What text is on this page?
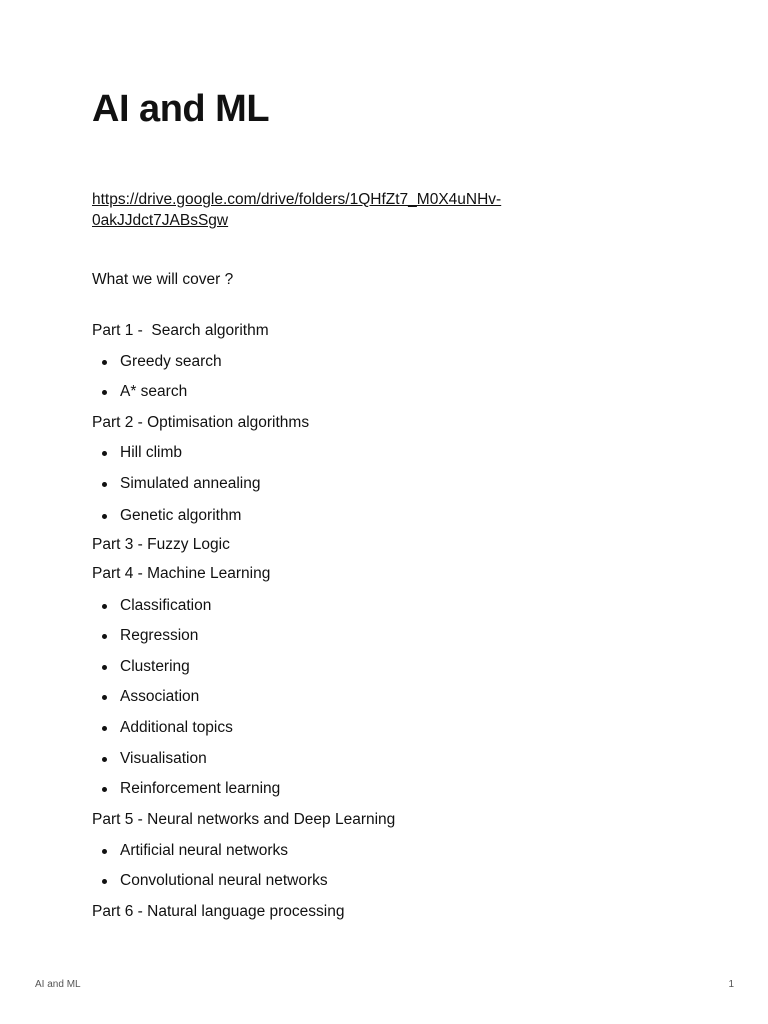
AI and ML
https://drive.google.com/drive/folders/1QHfZt7_M0X4uNHv-
0akJJdct7JABsSgw
What we will cover ?
Part 1 -  Search algorithm
Greedy search
A* search
Part 2 - Optimisation algorithms
Hill climb
Simulated annealing
Genetic algorithm
Part 3 - Fuzzy Logic
Part 4 - Machine Learning
Classification
Regression
Clustering
Association
Additional topics
Visualisation
Reinforcement learning
Part 5 - Neural networks and Deep Learning
Artificial neural networks
Convolutional neural networks
Part 6 - Natural language processing
AI and ML	1
